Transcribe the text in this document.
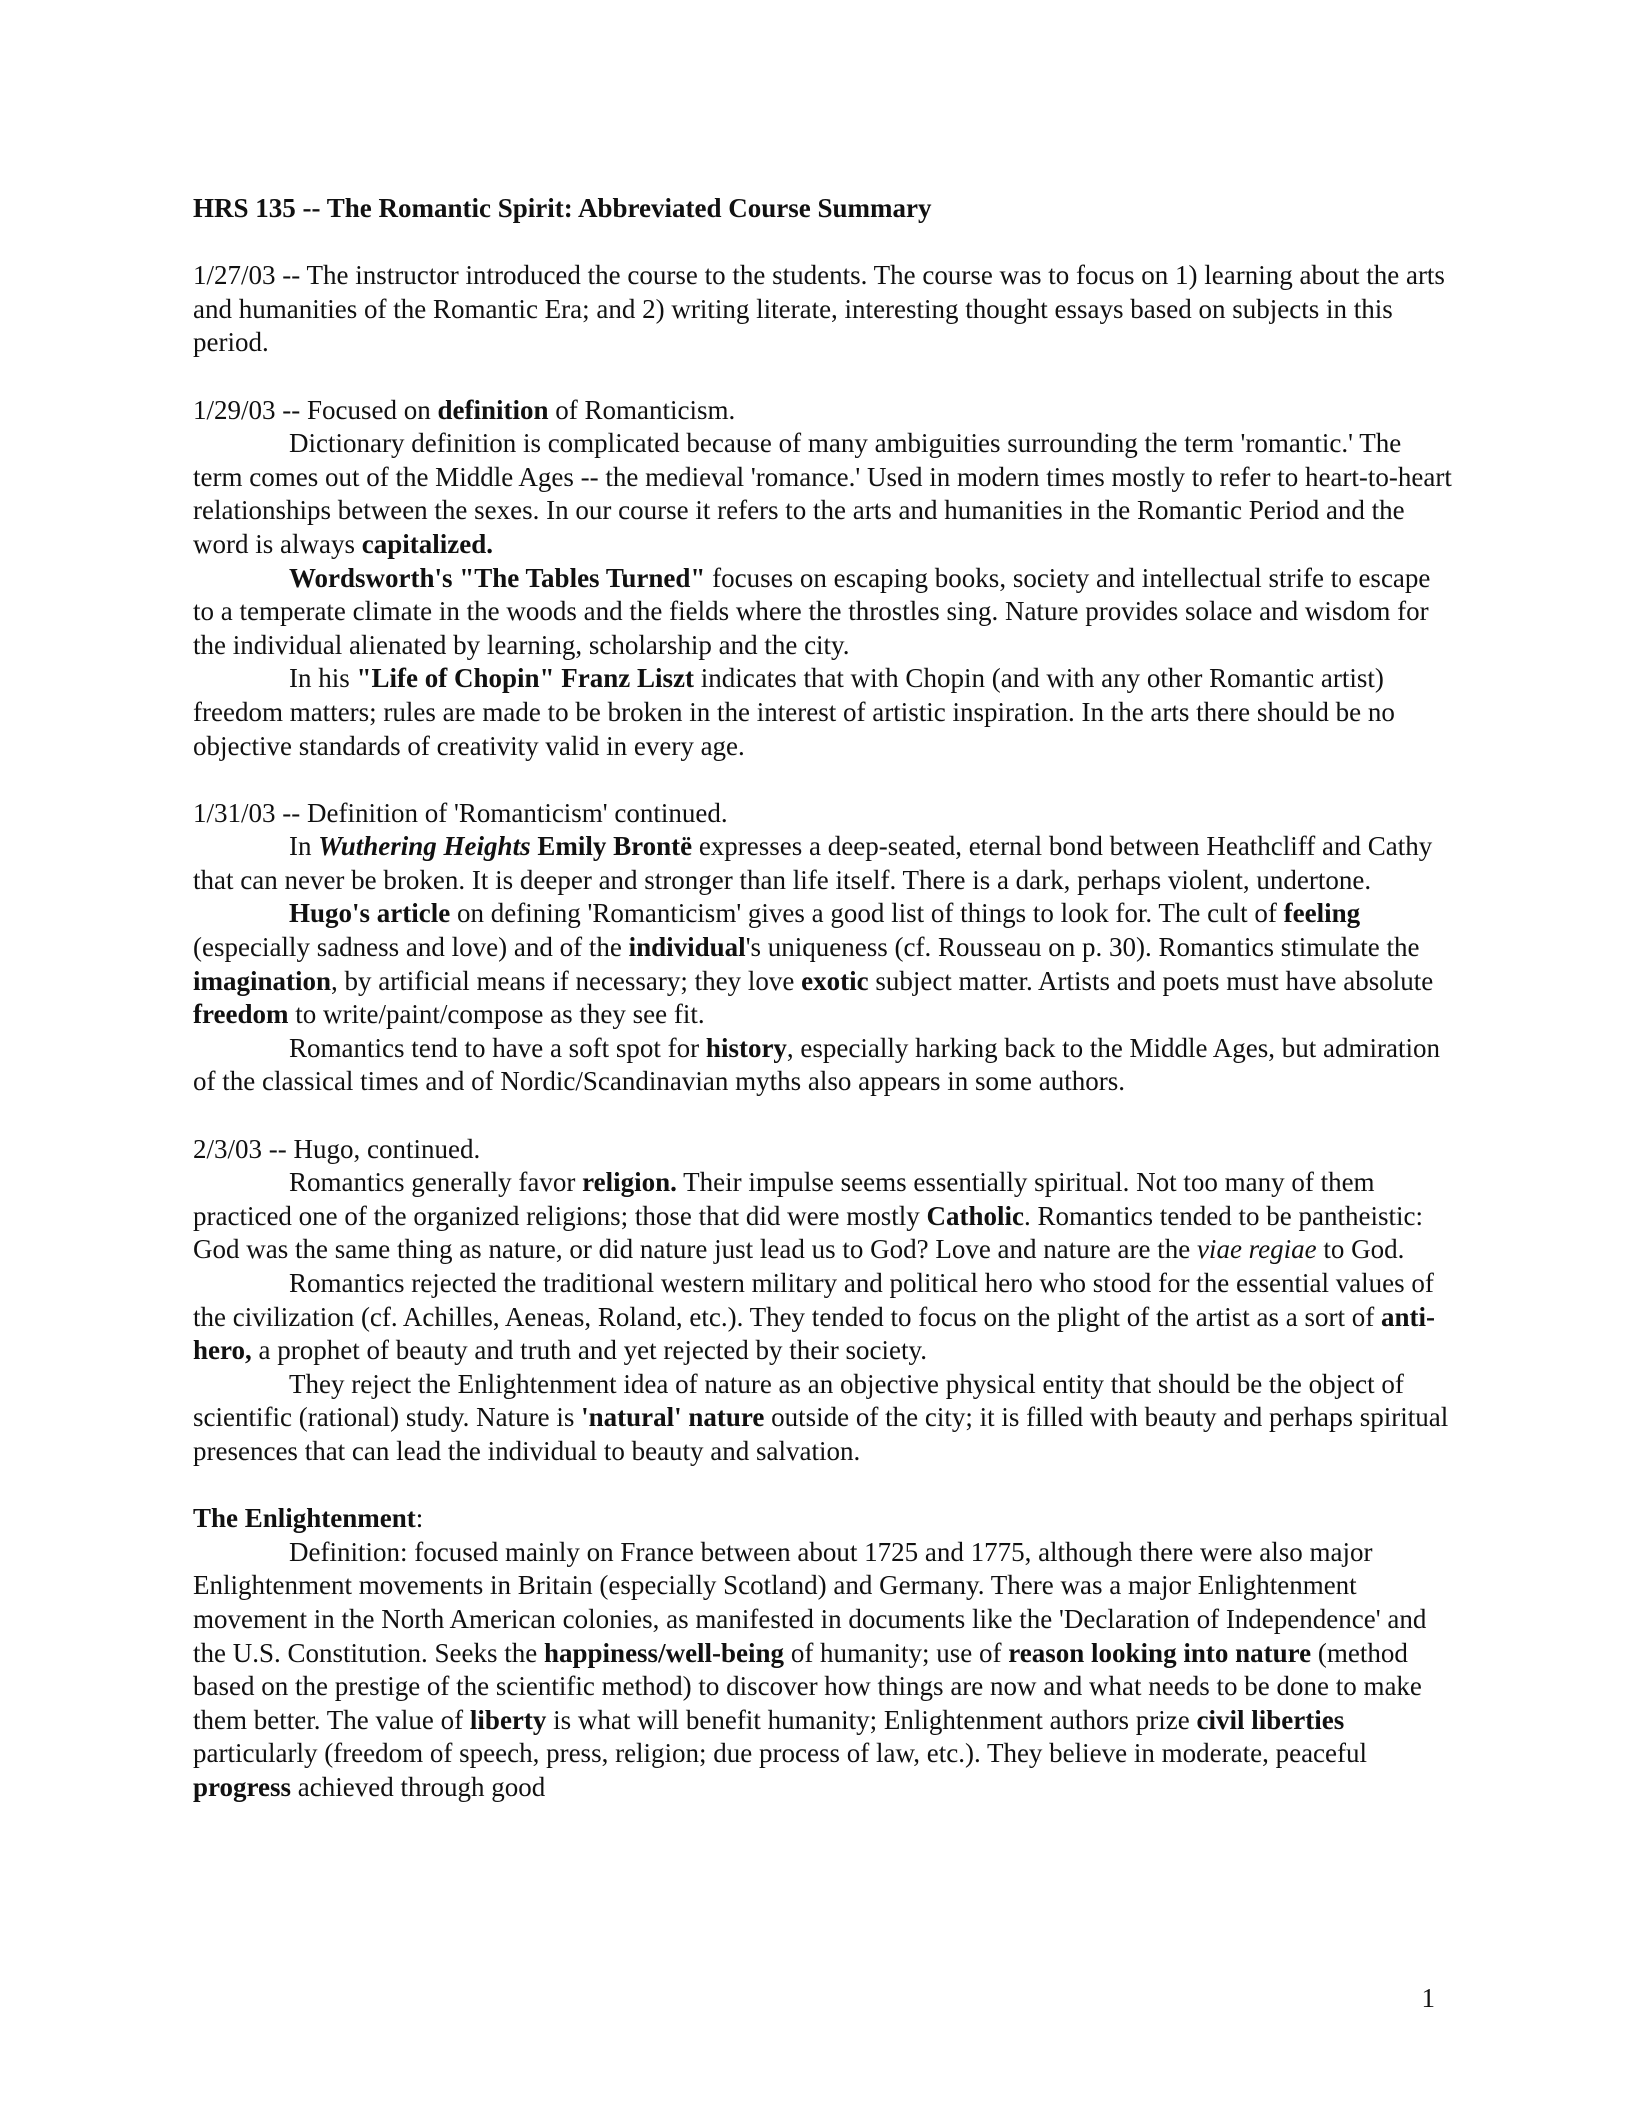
HRS 135 -- The Romantic Spirit: Abbreviated Course Summary

1/27/03 -- The instructor introduced the course to the students. The course was to focus on 1) learning about the arts and humanities of the Romantic Era; and 2) writing literate, interesting thought essays based on subjects in this period.

1/29/03 -- Focused on definition of Romanticism.

Dictionary definition is complicated because of many ambiguities surrounding the term 'romantic.' The term comes out of the Middle Ages -- the medieval 'romance.' Used in modern times mostly to refer to heart-to-heart relationships between the sexes. In our course it refers to the arts and humanities in the Romantic Period and the word is always capitalized.

Wordsworth's "The Tables Turned" focuses on escaping books, society and intellectual strife to escape to a temperate climate in the woods and the fields where the throstles sing. Nature provides solace and wisdom for the individual alienated by learning, scholarship and the city.

In his "Life of Chopin" Franz Liszt indicates that with Chopin (and with any other Romantic artist) freedom matters; rules are made to be broken in the interest of artistic inspiration. In the arts there should be no objective standards of creativity valid in every age.

1/31/03 -- Definition of 'Romanticism' continued.

In Wuthering Heights Emily Brontë expresses a deep-seated, eternal bond between Heathcliff and Cathy that can never be broken. It is deeper and stronger than life itself. There is a dark, perhaps violent, undertone.

Hugo's article on defining 'Romanticism' gives a good list of things to look for. The cult of feeling (especially sadness and love) and of the individual's uniqueness (cf. Rousseau on p. 30). Romantics stimulate the imagination, by artificial means if necessary; they love exotic subject matter. Artists and poets must have absolute freedom to write/paint/compose as they see fit.

Romantics tend to have a soft spot for history, especially harking back to the Middle Ages, but admiration of the classical times and of Nordic/Scandinavian myths also appears in some authors.

2/3/03 -- Hugo, continued.

Romantics generally favor religion. Their impulse seems essentially spiritual. Not too many of them practiced one of the organized religions; those that did were mostly Catholic. Romantics tended to be pantheistic: God was the same thing as nature, or did nature just lead us to God? Love and nature are the viae regiae to God.

Romantics rejected the traditional western military and political hero who stood for the essential values of the civilization (cf. Achilles, Aeneas, Roland, etc.). They tended to focus on the plight of the artist as a sort of anti-hero, a prophet of beauty and truth and yet rejected by their society.

They reject the Enlightenment idea of nature as an objective physical entity that should be the object of scientific (rational) study. Nature is 'natural' nature outside of the city; it is filled with beauty and perhaps spiritual presences that can lead the individual to beauty and salvation.

The Enlightenment:

Definition: focused mainly on France between about 1725 and 1775, although there were also major Enlightenment movements in Britain (especially Scotland) and Germany. There was a major Enlightenment movement in the North American colonies, as manifested in documents like the 'Declaration of Independence' and the U.S. Constitution. Seeks the happiness/well-being of humanity; use of reason looking into nature (method based on the prestige of the scientific method) to discover how things are now and what needs to be done to make them better. The value of liberty is what will benefit humanity; Enlightenment authors prize civil liberties particularly (freedom of speech, press, religion; due process of law, etc.). They believe in moderate, peaceful progress achieved through good

1
